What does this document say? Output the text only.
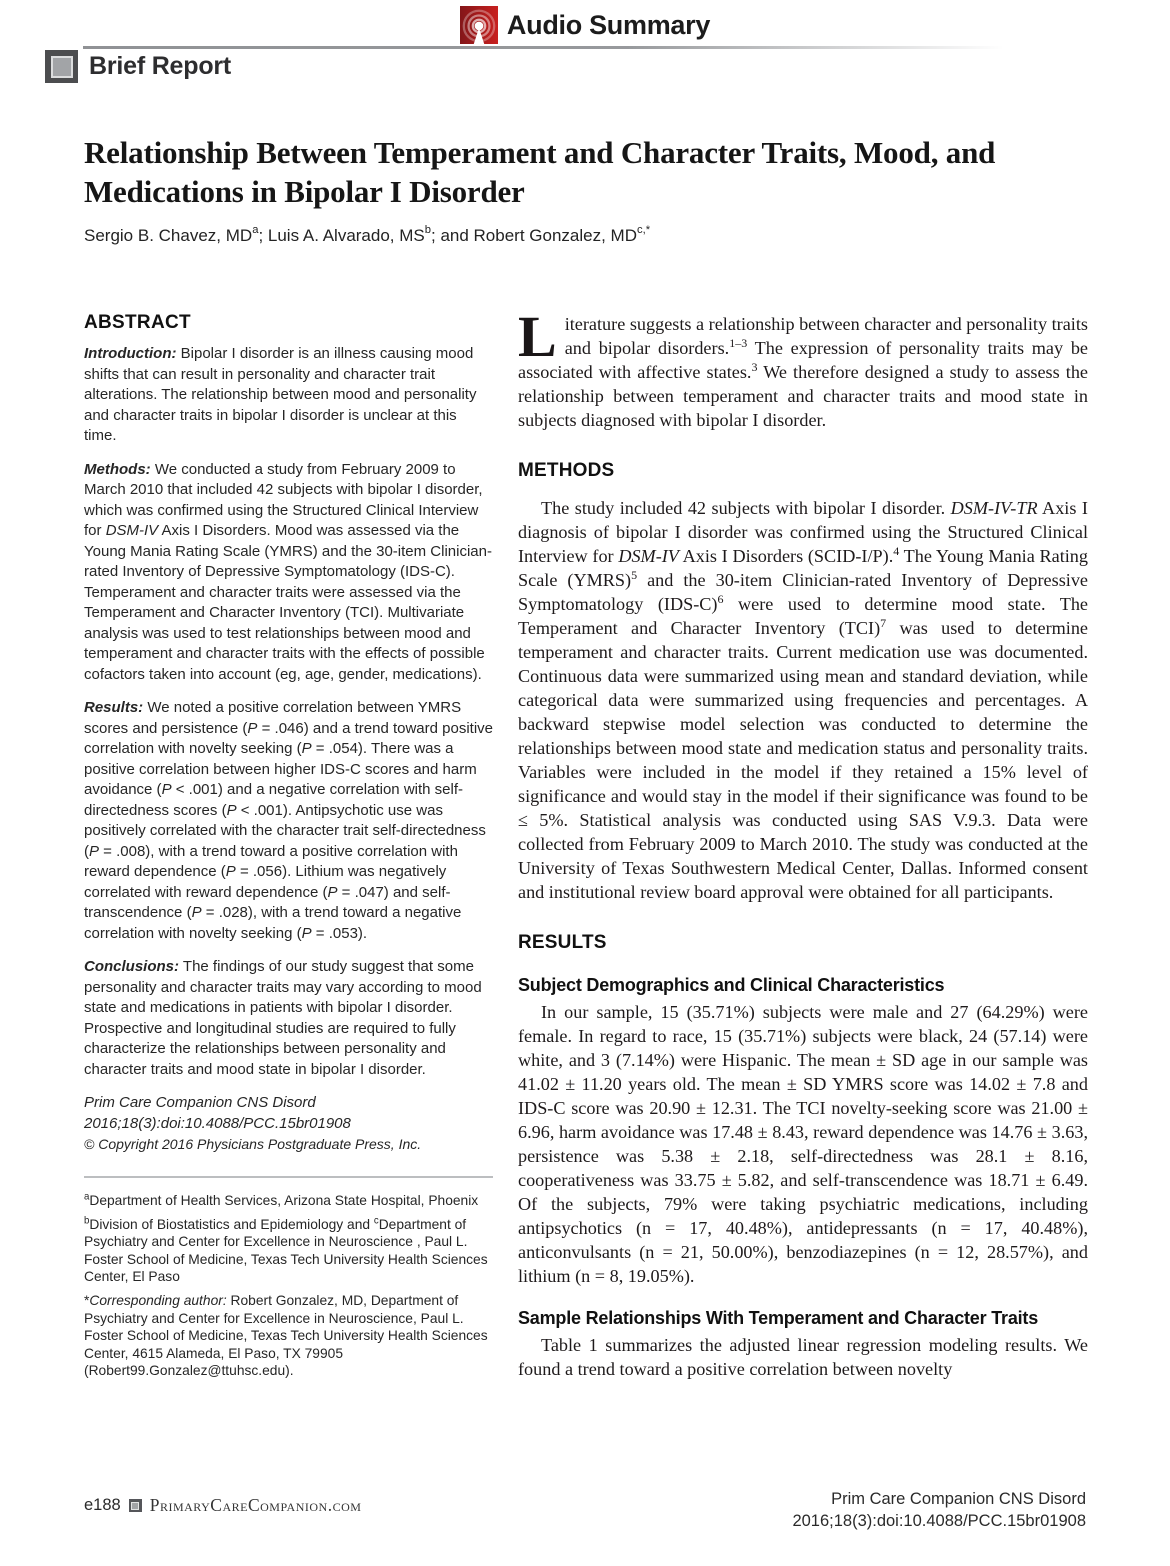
Audio Summary
Brief Report
Relationship Between Temperament and Character Traits, Mood, and Medications in Bipolar I Disorder
Sergio B. Chavez, $MD^a$; Luis A. Alvarado, $MS^b$; and Robert Gonzalez, $MD^{c,*}$
ABSTRACT

Introduction: Bipolar I disorder is an illness causing mood shifts that can result in personality and character trait alterations. The relationship between mood and personality and character traits in bipolar I disorder is unclear at this time.

Methods: We conducted a study from February 2009 to March 2010 that included 42 subjects with bipolar I disorder, which was confirmed using the Structured Clinical Interview for DSM-IV Axis I Disorders. Mood was assessed via the Young Mania Rating Scale (YMRS) and the 30-item Clinician-rated Inventory of Depressive Symptomatology (IDS-C). Temperament and character traits were assessed via the Temperament and Character Inventory (TCI). Multivariate analysis was used to test relationships between mood and temperament and character traits with the effects of possible cofactors taken into account (eg, age, gender, medications).

Results: We noted a positive correlation between YMRS scores and persistence (P = .046) and a trend toward positive correlation with novelty seeking (P = .054). There was a positive correlation between higher IDS-C scores and harm avoidance (P < .001) and a negative correlation with self-directedness scores (P < .001). Antipsychotic use was positively correlated with the character trait self-directedness (P = .008), with a trend toward a positive correlation with reward dependence (P = .056). Lithium was negatively correlated with reward dependence (P = .047) and self-transcendence (P = .028), with a trend toward a negative correlation with novelty seeking (P = .053).

Conclusions: The findings of our study suggest that some personality and character traits may vary according to mood state and medications in patients with bipolar I disorder. Prospective and longitudinal studies are required to fully characterize the relationships between personality and character traits and mood state in bipolar I disorder.

Prim Care Companion CNS Disord
2016;18(3):doi:10.4088/PCC.15br01908

© Copyright 2016 Physicians Postgraduate Press, Inc.

$^a$Department of Health Services, Arizona State Hospital, Phoenix

$^b$Division of Biostatistics and Epidemiology and $^c$Department of Psychiatry and Center for Excellence in Neuroscience , Paul L. Foster School of Medicine, Texas Tech University Health Sciences Center, El Paso

*Corresponding author: Robert Gonzalez, MD, Department of Psychiatry and Center for Excellence in Neuroscience, Paul L. Foster School of Medicine, Texas Tech University Health Sciences Center, 4615 Alameda, El Paso, TX 79905 (Robert99.Gonzalez@ttuhsc.edu).

Literature suggests a relationship between character and personality traits and bipolar disorders.$^{1-3}$ The expression of personality traits may be associated with affective states.$^3$ We therefore designed a study to assess the relationship between temperament and character traits and mood state in subjects diagnosed with bipolar I disorder.

METHODS

The study included 42 subjects with bipolar I disorder. DSM-IV-TR Axis I diagnosis of bipolar I disorder was confirmed using the Structured Clinical Interview for DSM-IV Axis I Disorders (SCID-I/P).$^4$ The Young Mania Rating Scale (YMRS)$^5$ and the 30-item Clinician-rated Inventory of Depressive Symptomatology $(IDS-C)^6$ were used to determine mood state. The Temperament and Character Inventory (TCI)$^7$ was used to determine temperament and character traits. Current medication use was documented. Continuous data were summarized using mean and standard deviation, while categorical data were summarized using frequencies and percentages. A backward stepwise model selection was conducted to determine the relationships between mood state and medication status and personality traits. Variables were included in the model if they retained a 15% level of significance and would stay in the model if their significance was found to be ≤ 5%. Statistical analysis was conducted using SAS V.9.3. Data were collected from February 2009 to March 2010. The study was conducted at the University of Texas Southwestern Medical Center, Dallas. Informed consent and institutional review board approval were obtained for all participants.

RESULTS
Subject Demographics and Clinical Characteristics

In our sample, 15 (35.71%) subjects were male and 27 (64.29%) were female. In regard to race, 15 (35.71%) subjects were black, 24 (57.14) were white, and 3 (7.14%) were Hispanic. The mean ± SD age in our sample was 41.02 ± 11.20 years old. The mean ± SD YMRS score was 14.02 ± 7.8 and IDS-C score was 20.90 ± 12.31. The TCI novelty-seeking score was 21.00 ± 6.96, harm avoidance was 17.48 ± 8.43, reward dependence was 14.76 ± 3.63, persistence was 5.38 ± 2.18, self-directedness was 28.1 ± 8.16, cooperativeness was 33.75 ± 5.82, and self-transcendence was 18.71 ± 6.49. Of the subjects, 79% were taking psychiatric medications, including antipsychotics (n = 17, 40.48%), antidepressants (n = 17, 40.48%), anticonvulsants (n = 21, 50.00%), benzodiazepines (n = 12, 28.57%), and lithium (n = 8, 19.05%).

Sample Relationships With Temperament and Character Traits

Table 1 summarizes the adjusted linear regression modeling results. We found a trend toward a positive correlation between novelty

e188 PrimaryCareCompanion.com	Prim Care Companion CNS Disord
2016;18(3):doi:10.4088/PCC.15br01908
